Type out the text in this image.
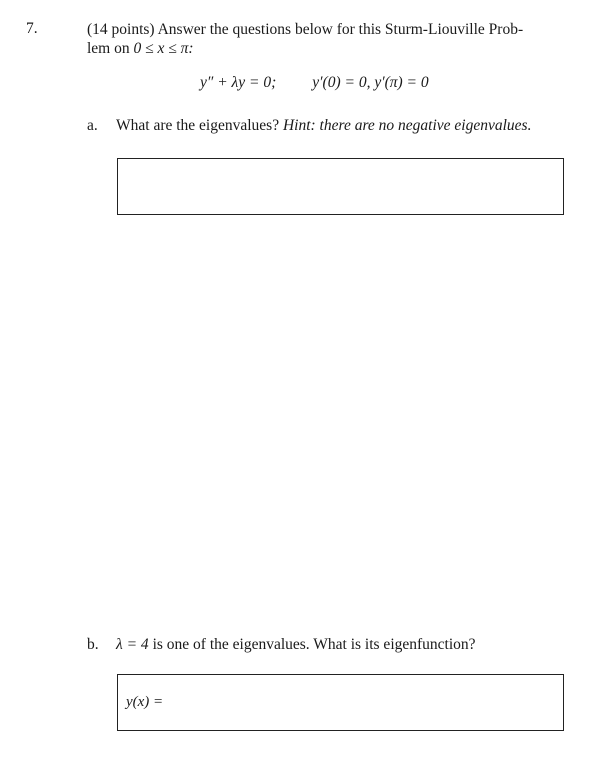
7.	(14 points) Answer the questions below for this Sturm-Liouville Prob-
lem on 0 ≤ x ≤ π:
y″ + λy = 0; y′(0) = 0, y′(π) = 0
a. What are the eigenvalues? Hint: there are no negative eigenvalues.
b. λ = 4 is one of the eigenvalues. What is its eigenfunction?
y(x) =
